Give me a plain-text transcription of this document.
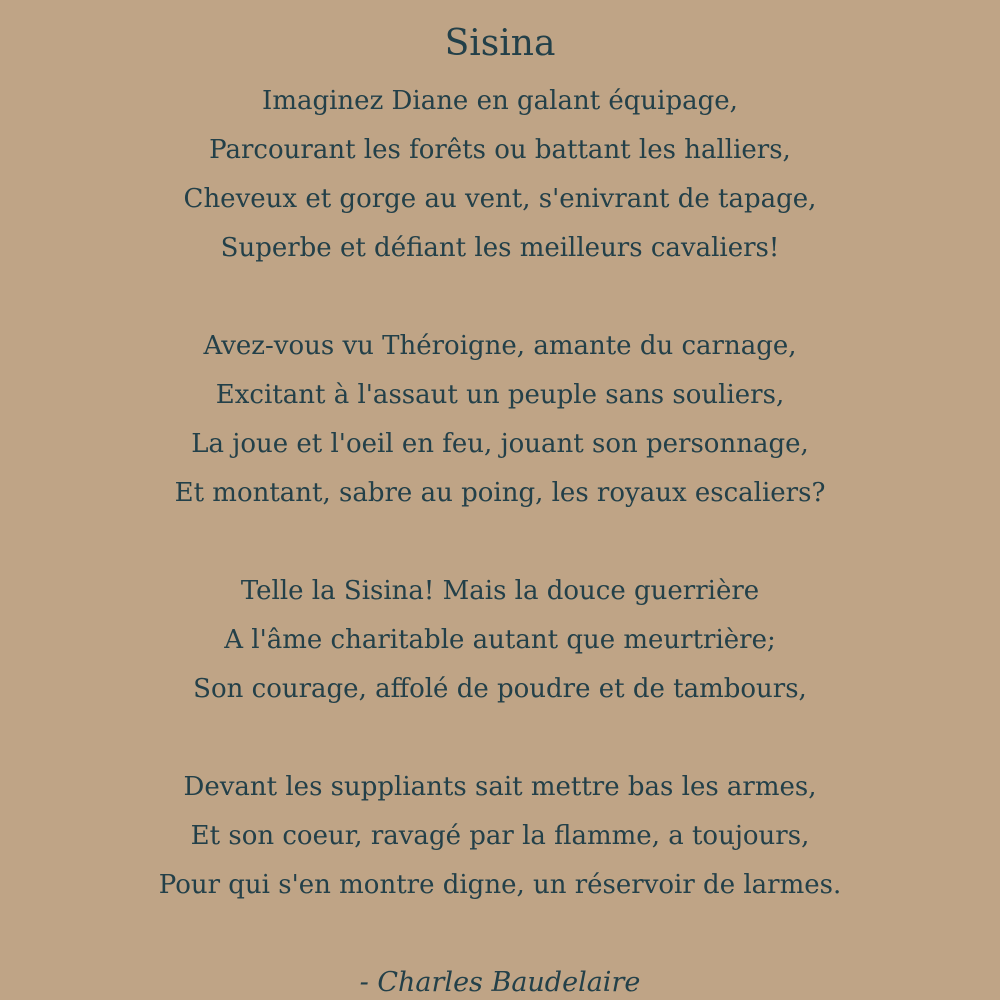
Sisina
Imaginez Diane en galant équipage,
Parcourant les forêts ou battant les halliers,
Cheveux et gorge au vent, s'enivrant de tapage,
Superbe et défiant les meilleurs cavaliers!
Avez-vous vu Théroigne, amante du carnage,
Excitant à l'assaut un peuple sans souliers,
La joue et l'oeil en feu, jouant son personnage,
Et montant, sabre au poing, les royaux escaliers?
Telle la Sisina! Mais la douce guerrière
A l'âme charitable autant que meurtrière;
Son courage, affolé de poudre et de tambours,
Devant les suppliants sait mettre bas les armes,
Et son coeur, ravagé par la flamme, a toujours,
Pour qui s'en montre digne, un réservoir de larmes.
- Charles Baudelaire
